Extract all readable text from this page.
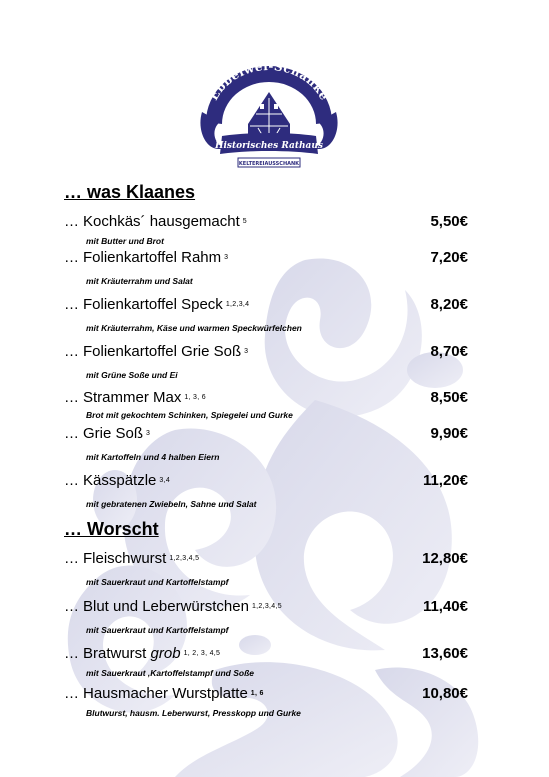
Ebbelwei-Schänke
Historisches Rathaus
KELTEREIAUSSCHANK
… was Klaanes
… Kochkäs´ hausgemacht 5	5,50€
mit Butter und Brot
… Folienkartoffel Rahm 3	7,20€
mit Kräuterrahm und Salat
… Folienkartoffel Speck 1,2,3,4	8,20€
mit Kräuterrahm, Käse und warmen Speckwürfelchen
… Folienkartoffel Grie Soß 3	8,70€
mit Grüne Soße und Ei
… Strammer Max 1, 3, 6	8,50€
Brot mit gekochtem Schinken, Spiegelei und Gurke
… Grie Soß 3	9,90€
mit Kartoffeln und 4 halben Eiern
… Kässpätzle 3,4	11,20€
mit gebratenen Zwiebeln, Sahne und Salat
… Worscht
… Fleischwurst 1,2,3,4,5	12,80€
mit Sauerkraut und Kartoffelstampf
… Blut und Leberwürstchen 1,2,3,4,5	11,40€
mit Sauerkraut und Kartoffelstampf
… Bratwurst grob 1, 2, 3, 4,5	13,60€
mit Sauerkraut ,Kartoffelstampf und Soße
… Hausmacher Wurstplatte 1, 6	10,80€
Blutwurst, hausm. Leberwurst, Presskopp und Gurke
